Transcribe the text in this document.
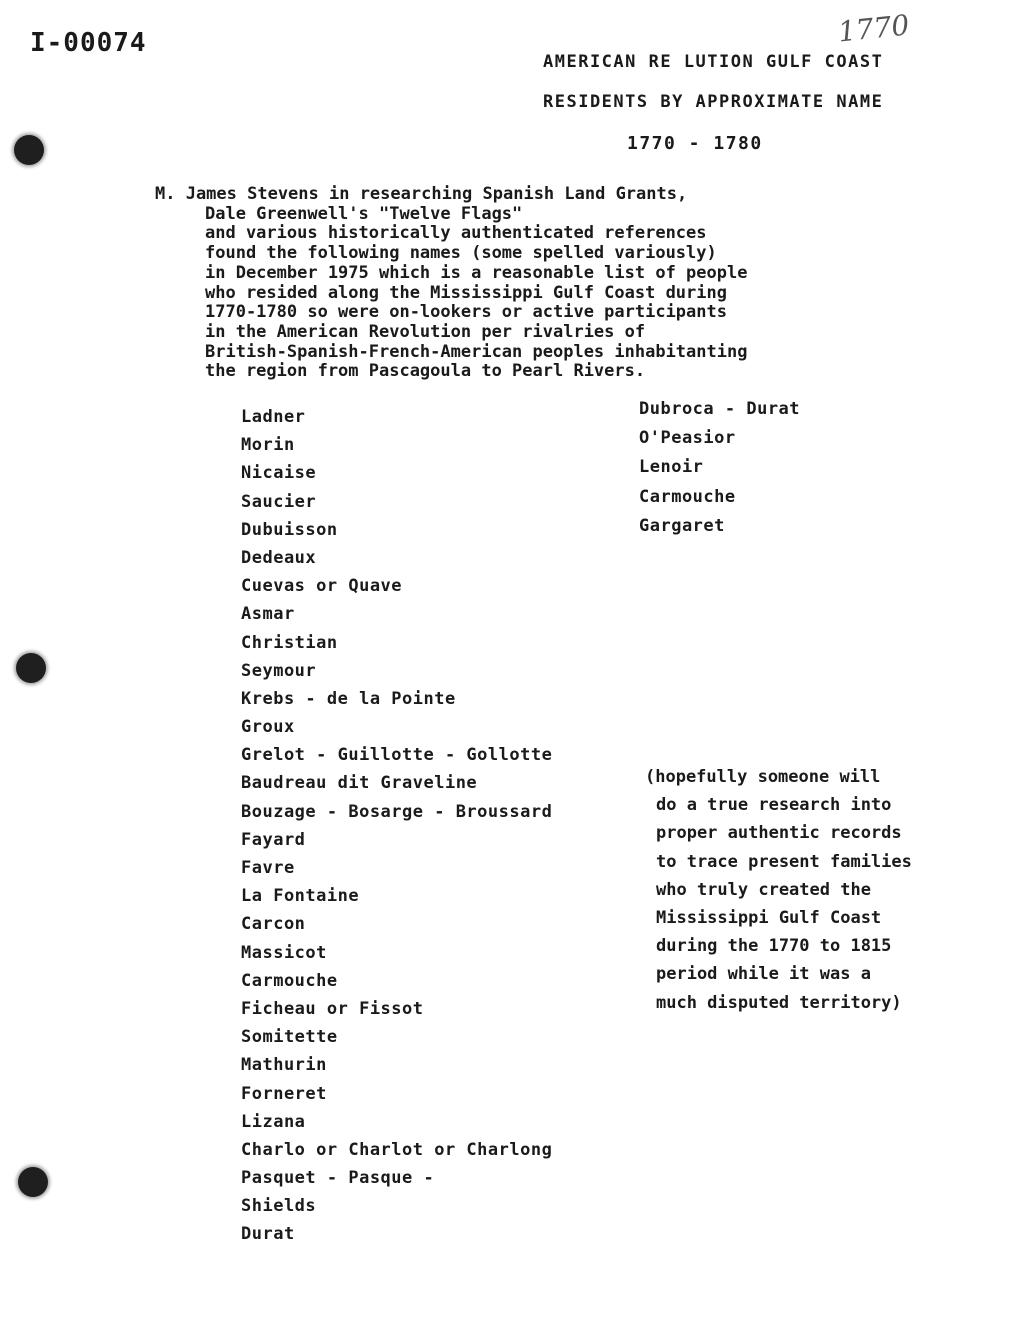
I-00074	1770
AMERICAN RE LUTION GULF COAST
RESIDENTS BY APPROXIMATE NAME
1770 - 1780
M. James Stevens in researching Spanish Land Grants,
Dale Greenwell's "Twelve Flags"
and various historically authenticated references
found the following names (some spelled variously)
in December 1975 which is a reasonable list of people
who resided along the Mississippi Gulf Coast during
1770-1780 so were on-lookers or active participants
in the American Revolution per rivalries of
British-Spanish-French-American peoples inhabitanting
the region from Pascagoula to Pearl Rivers.
Ladner
Morin
Nicaise
Saucier
Dubuisson
Dedeaux
Cuevas or Quave
Asmar
Christian
Seymour
Krebs - de la Pointe
Groux
Grelot - Guillotte - Gollotte
Baudreau dit Graveline
Bouzage - Bosarge - Broussard
Fayard
Favre
La Fontaine
Carcon
Massicot
Carmouche
Ficheau or Fissot
Somitette
Mathurin
Forneret
Lizana
Charlo or Charlot or Charlong
Pasquet - Pasque -
Shields
Durat
Dubroca - Durat
O'Peasior
Lenoir
Carmouche
Gargaret
(hopefully someone will
do a true research into
proper authentic records
to trace present families
who truly created the
Mississippi Gulf Coast
during the 1770 to 1815
period while it was a
much disputed territory)
